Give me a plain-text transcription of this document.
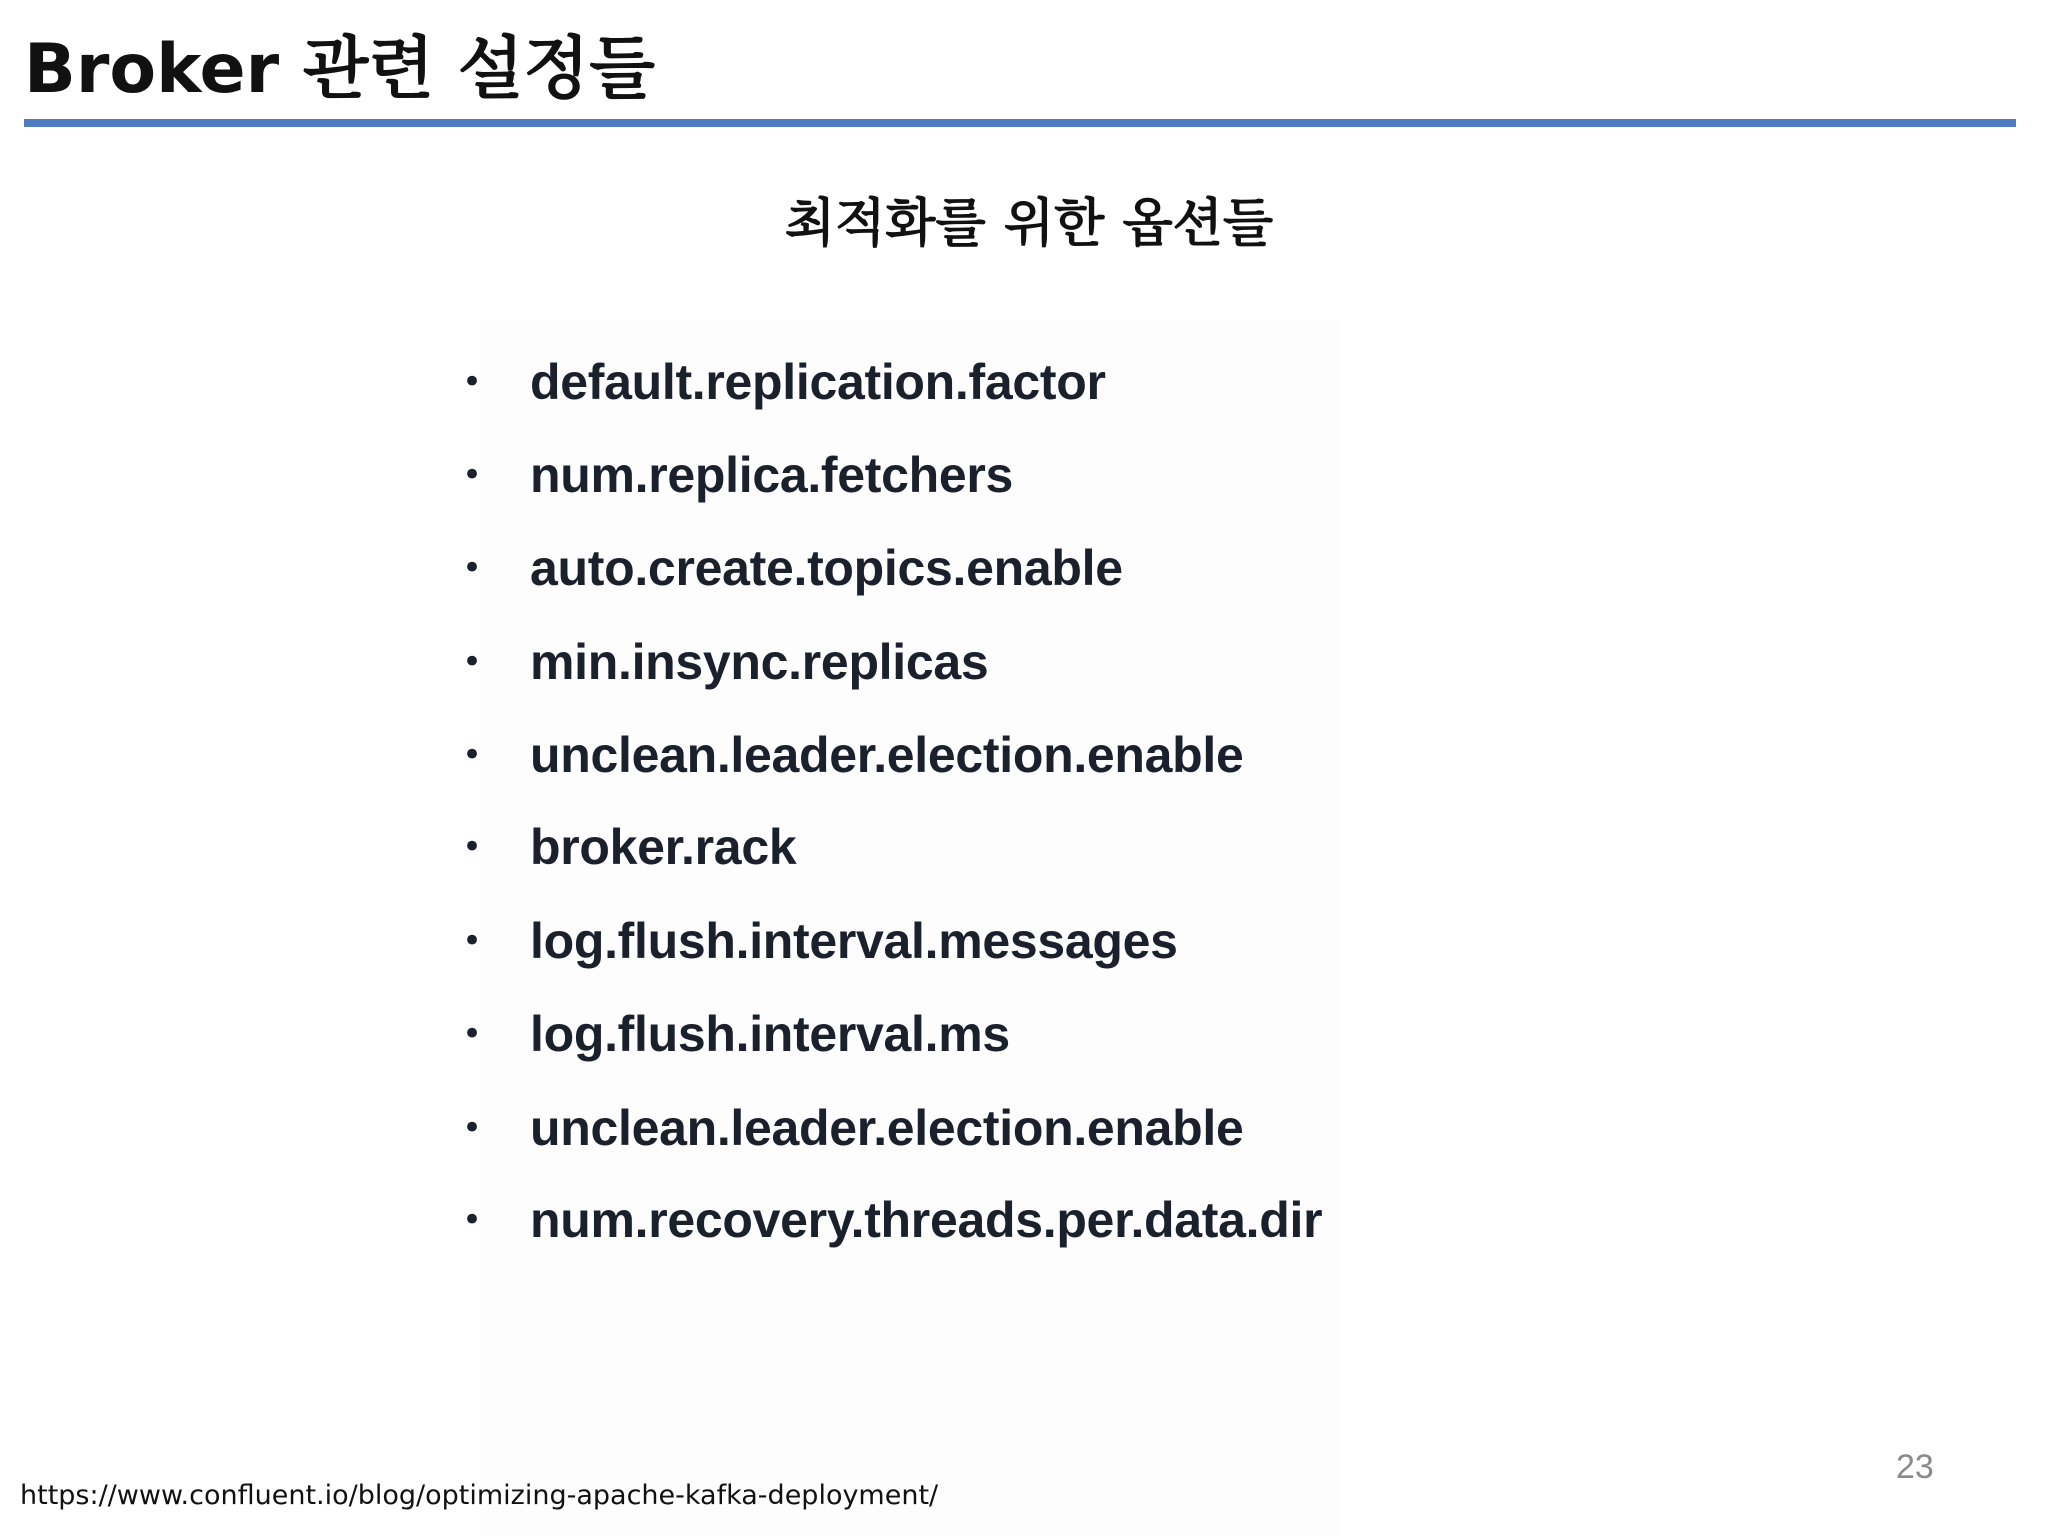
Broker 관련 설정들
최적화를 위한 옵션들
• default.replication.factor
• num.replica.fetchers
• auto.create.topics.enable
• min.insync.replicas
• unclean.leader.election.enable
• broker.rack
• log.flush.interval.messages
• log.flush.interval.ms
• unclean.leader.election.enable
• num.recovery.threads.per.data.dir
23
https://www.confluent.io/blog/optimizing-apache-kafka-deployment/
